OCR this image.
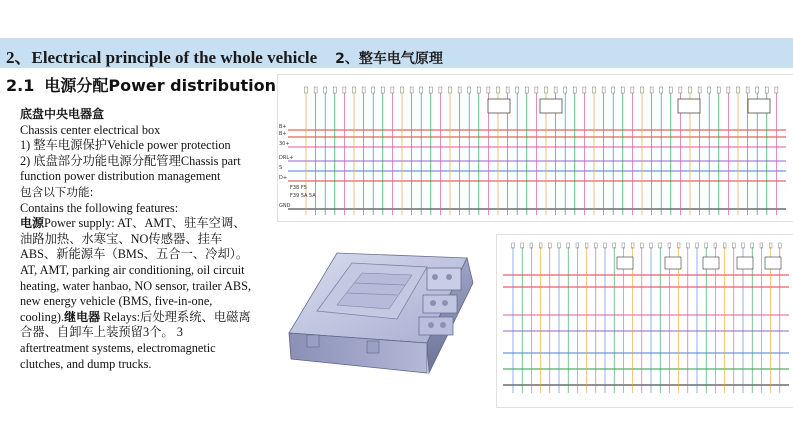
2、Electrical principle of the whole vehicle 2、整车电气原理
2.1 电源分配Power distribution

底盘中央电器盒

Chassis center electrical box

1) 整车电源保护Vehicle power protection

2) 底盘部分功能电源分配管理Chassis part function power distribution management

包含以下功能:

Contains the following features:

电源Power supply: AT、AMT、驻车空调、油路加热、水寒宝、NO传感器、挂车ABS、新能源车（BMS、五合一、冷却）。AT, AMT, parking air conditioning, oil circuit heating, water hanbao, NO sensor, trailer ABS, new energy vehicle (BMS, five-in-one, cooling).继电器 Relays:后处理系统、电磁离合器、自卸车上装预留3个。 3 aftertreatment systems, electromagnetic clutches, and dump trucks.

B+
B+
30+
DRL+
S
D+
GND
F38 F5
F39 5A 5A
